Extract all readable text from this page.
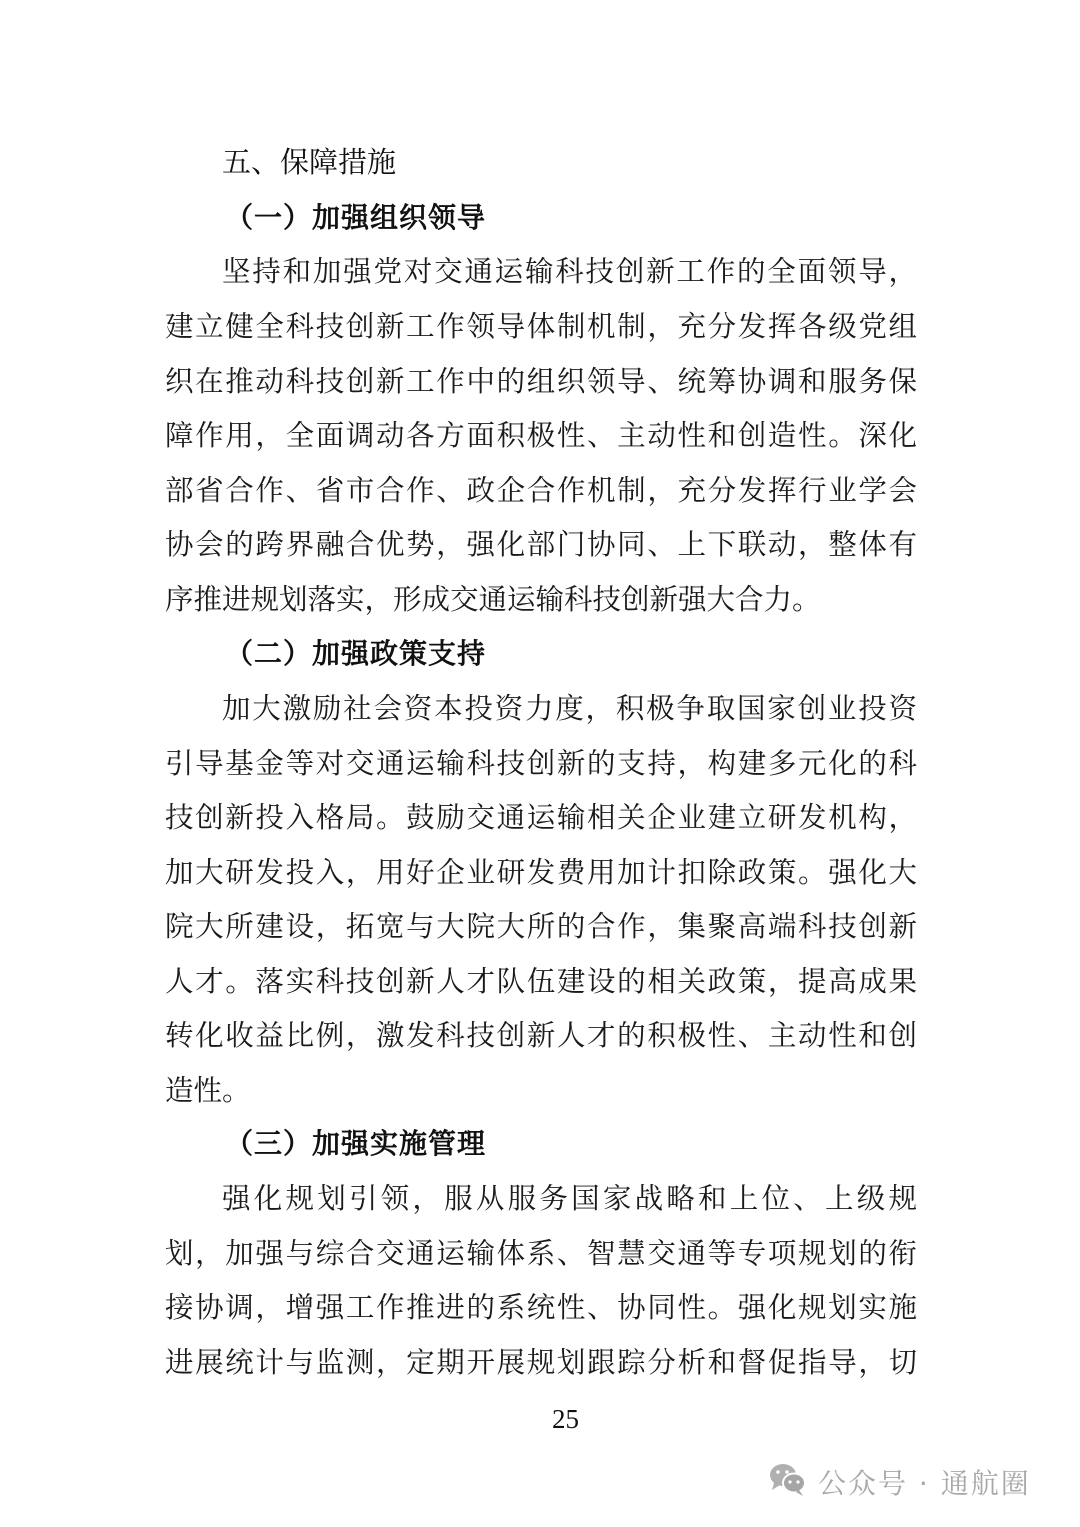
五、保障措施
（一）加强组织领导
坚持和加强党对交通运输科技创新工作的全面领导，
建立健全科技创新工作领导体制机制，充分发挥各级党组
织在推动科技创新工作中的组织领导、统筹协调和服务保
障作用，全面调动各方面积极性、主动性和创造性。深化
部省合作、省市合作、政企合作机制，充分发挥行业学会
协会的跨界融合优势，强化部门协同、上下联动，整体有
序推进规划落实，形成交通运输科技创新强大合力。
（二）加强政策支持
加大激励社会资本投资力度，积极争取国家创业投资
引导基金等对交通运输科技创新的支持，构建多元化的科
技创新投入格局。鼓励交通运输相关企业建立研发机构，
加大研发投入，用好企业研发费用加计扣除政策。强化大
院大所建设，拓宽与大院大所的合作，集聚高端科技创新
人才。落实科技创新人才队伍建设的相关政策，提高成果
转化收益比例，激发科技创新人才的积极性、主动性和创
造性。
（三）加强实施管理
强化规划引领，服从服务国家战略和上位、上级规
划，加强与综合交通运输体系、智慧交通等专项规划的衔
接协调，增强工作推进的系统性、协同性。强化规划实施
进展统计与监测，定期开展规划跟踪分析和督促指导，切
25
公众号 · 通航圈
